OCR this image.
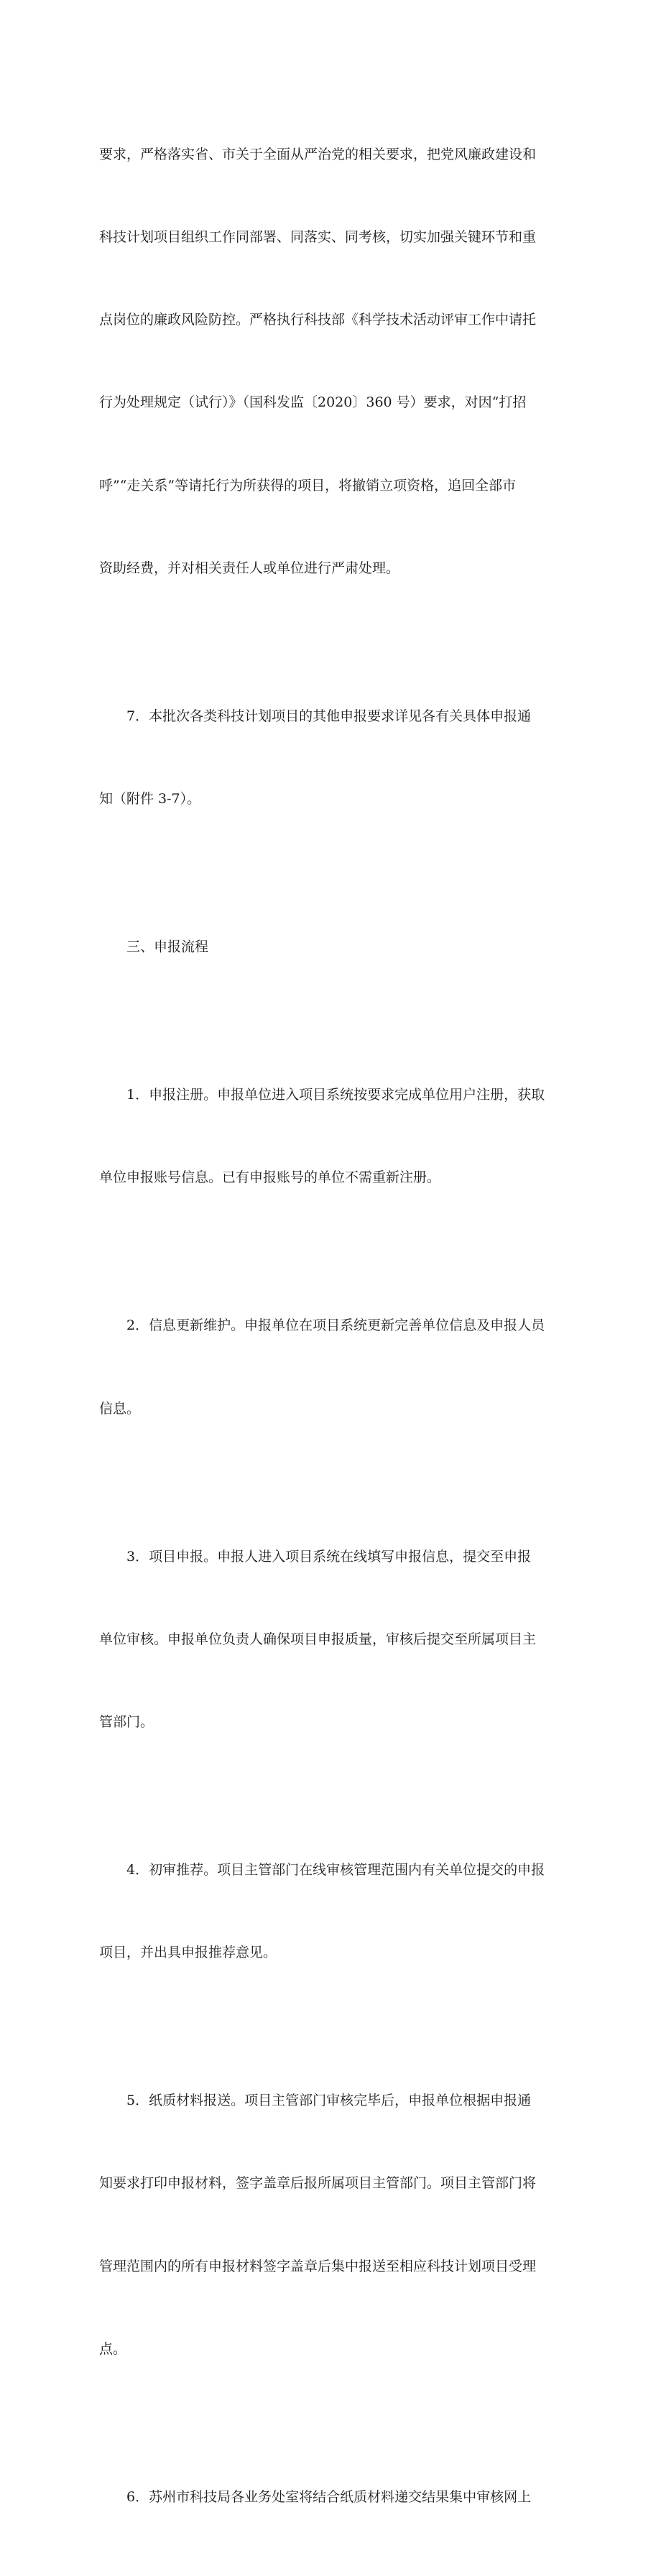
要求，严格落实省、市关于全面从严治党的相关要求，把党风廉政建设和

科技计划项目组织工作同部署、同落实、同考核，切实加强关键环节和重

点岗位的廉政风险防控。严格执行科技部《科学技术活动评审工作中请托

行为处理规定（试行）》（国科发监〔2020〕360 号）要求，对因“打招

呼”“走关系”等请托行为所获得的项目，将撤销立项资格，追回全部市

资助经费，并对相关责任人或单位进行严肃处理。

7．本批次各类科技计划项目的其他申报要求详见各有关具体申报通

知（附件 3-7）。

三、申报流程

1．申报注册。申报单位进入项目系统按要求完成单位用户注册，获取

单位申报账号信息。已有申报账号的单位不需重新注册。

2．信息更新维护。申报单位在项目系统更新完善单位信息及申报人员

信息。

3．项目申报。申报人进入项目系统在线填写申报信息，提交至申报

单位审核。申报单位负责人确保项目申报质量，审核后提交至所属项目主

管部门。

4．初审推荐。项目主管部门在线审核管理范围内有关单位提交的申报

项目，并出具申报推荐意见。

5．纸质材料报送。项目主管部门审核完毕后，申报单位根据申报通

知要求打印申报材料，签字盖章后报所属项目主管部门。项目主管部门将

管理范围内的所有申报材料签字盖章后集中报送至相应科技计划项目受理

点。

6．苏州市科技局各业务处室将结合纸质材料递交结果集中审核网上
